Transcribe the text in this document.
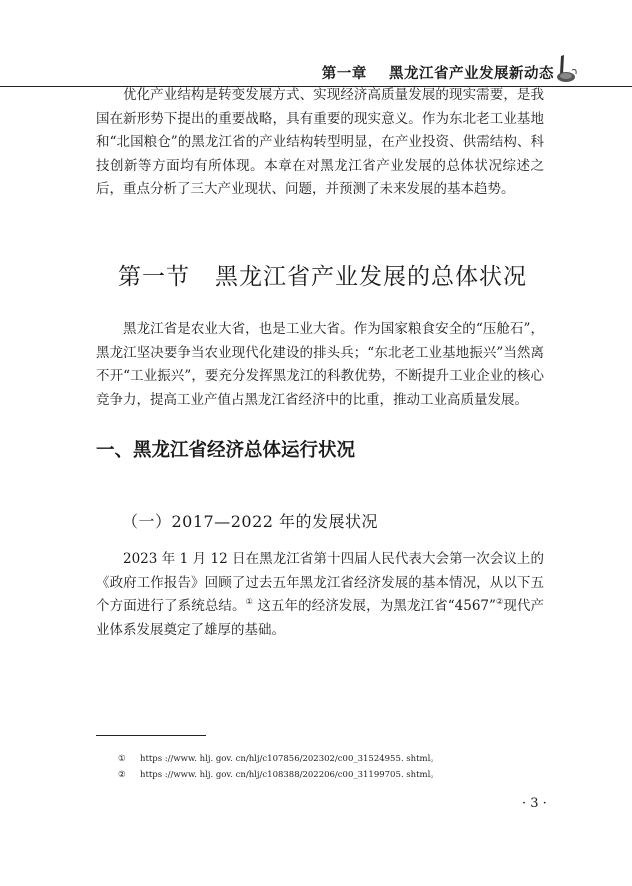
第一章 黑龙江省产业发展新动态

优化产业结构是转变发展方式、实现经济高质量发展的现实需要，是我国在新形势下提出的重要战略，具有重要的现实意义。作为东北老工业基地和“北国粮仓”的黑龙江省的产业结构转型明显，在产业投资、供需结构、科技创新等方面均有所体现。本章在对黑龙江省产业发展的总体状况综述之后，重点分析了三大产业现状、问题，并预测了未来发展的基本趋势。

第一节 黑龙江省产业发展的总体状况

黑龙江省是农业大省，也是工业大省。作为国家粮食安全的“压舱石”，黑龙江坚决要争当农业现代化建设的排头兵；“东北老工业基地振兴”当然离不开“工业振兴”，要充分发挥黑龙江的科教优势，不断提升工业企业的核心竞争力，提高工业产值占黑龙江省经济中的比重，推动工业高质量发展。

一、黑龙江省经济总体运行状况
（一）2017—2022 年的发展状况

2023 年 1 月 12 日在黑龙江省第十四届人民代表大会第一次会议上的《政府工作报告》回顾了过去五年黑龙江省经济发展的基本情况，从以下五个方面进行了系统总结。① 这五年的经济发展，为黑龙江省“4567”②现代产业体系发展奠定了雄厚的基础。

① https ://www. hlj. gov. cn/hlj/c107856/202302/c00_31524955. shtml。
② https ://www. hlj. gov. cn/hlj/c108388/202206/c00_31199705. shtml。
· 3 ·
